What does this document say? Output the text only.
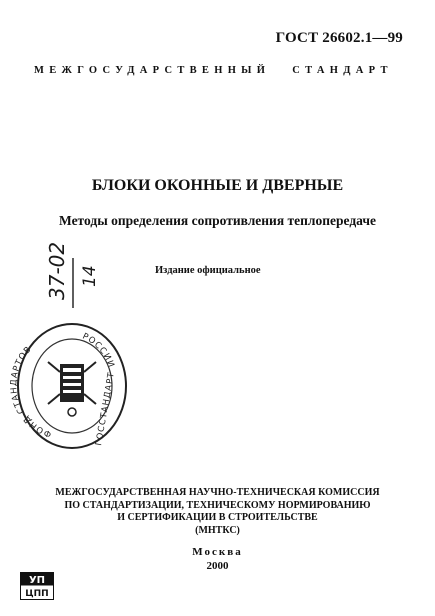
ГОСТ 26602.1—99
МЕЖГОСУДАРСТВЕННЫЙ СТАНДАРТ
БЛОКИ ОКОННЫЕ И ДВЕРНЫЕ
Методы определения сопротивления теплопередаче
Издание официальное
37-02 14
ФОНД СТАНДАРТОВ
РОССИИ
ГОССТАНДАРТ
МЕЖГОСУДАРСТВЕННАЯ НАУЧНО-ТЕХНИЧЕСКАЯ КОМИССИЯ
ПО СТАНДАРТИЗАЦИИ, ТЕХНИЧЕСКОМУ НОРМИРОВАНИЮ
И СЕРТИФИКАЦИИ В СТРОИТЕЛЬСТВЕ
(МНТКС)
Москва
2000
УП
ЦПП
